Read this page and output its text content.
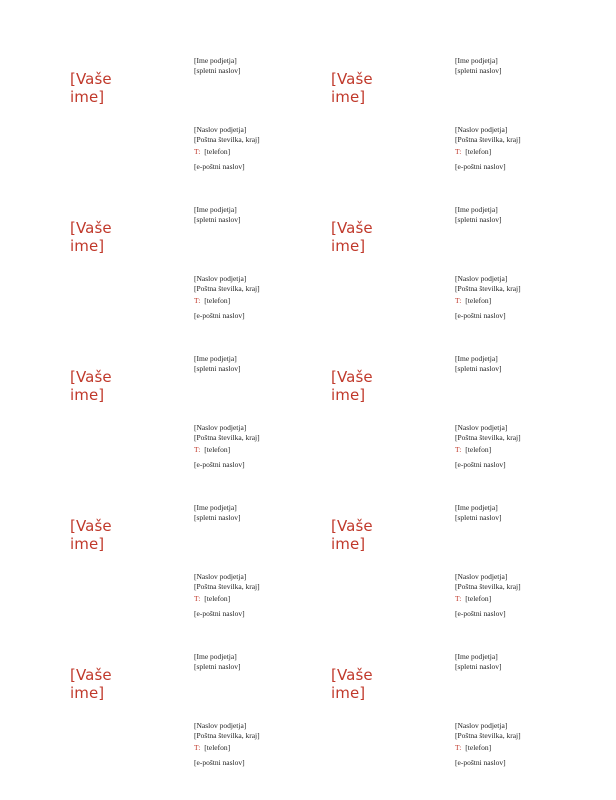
[Vaše
ime]
[Ime podjetja]
[spletni naslov]
[Naslov podjetja]
[Poštna številka, kraj]
T: [telefon]
[e-poštni naslov]
[Vaše
ime]
[Ime podjetja]
[spletni naslov]
[Naslov podjetja]
[Poštna številka, kraj]
T: [telefon]
[e-poštni naslov]
[Vaše
ime]
[Ime podjetja]
[spletni naslov]
[Naslov podjetja]
[Poštna številka, kraj]
T: [telefon]
[e-poštni naslov]
[Vaše
ime]
[Ime podjetja]
[spletni naslov]
[Naslov podjetja]
[Poštna številka, kraj]
T: [telefon]
[e-poštni naslov]
[Vaše
ime]
[Ime podjetja]
[spletni naslov]
[Naslov podjetja]
[Poštna številka, kraj]
T: [telefon]
[e-poštni naslov]
[Vaše
ime]
[Ime podjetja]
[spletni naslov]
[Naslov podjetja]
[Poštna številka, kraj]
T: [telefon]
[e-poštni naslov]
[Vaše
ime]
[Ime podjetja]
[spletni naslov]
[Naslov podjetja]
[Poštna številka, kraj]
T: [telefon]
[e-poštni naslov]
[Vaše
ime]
[Ime podjetja]
[spletni naslov]
[Naslov podjetja]
[Poštna številka, kraj]
T: [telefon]
[e-poštni naslov]
[Vaše
ime]
[Ime podjetja]
[spletni naslov]
[Naslov podjetja]
[Poštna številka, kraj]
T: [telefon]
[e-poštni naslov]
[Vaše
ime]
[Ime podjetja]
[spletni naslov]
[Naslov podjetja]
[Poštna številka, kraj]
T: [telefon]
[e-poštni naslov]
